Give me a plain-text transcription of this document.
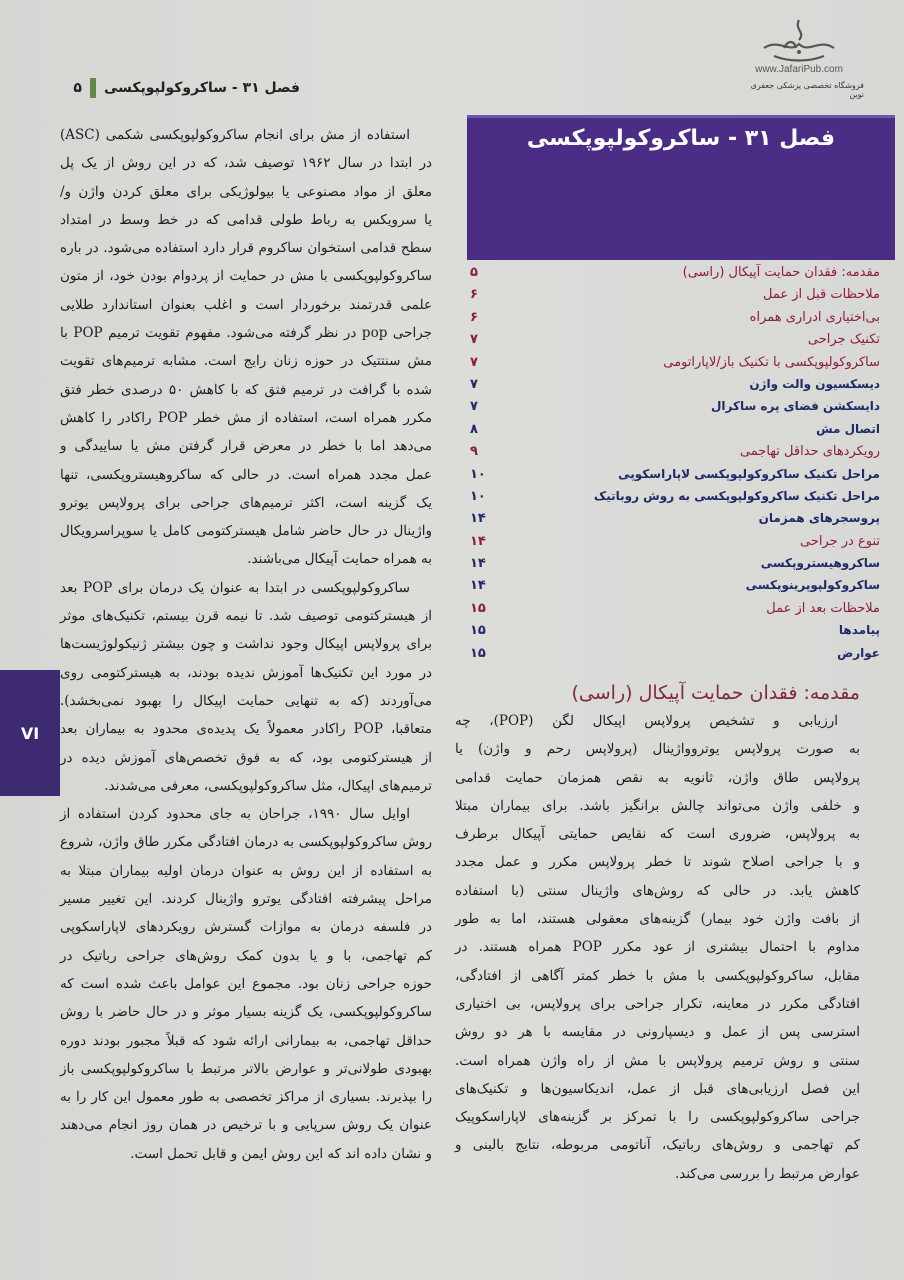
فصل ۳۱ - ساکروکولپوپکسی
۵
www.JafariPub.com
فروشگاه تخصصی پزشکی جعفری نوین
فصل ۳۱ - ساکروکولپوپکسی
مقدمه: فقدان حمایت آپیکال (راسی)
۵
ملاحظات قبل از عمل
۶
بی‌اختیاری ادراری همراه
۶
تکنیک جراحی
۷
ساکروکولپوپکسی با تکنیک باز/لاپاراتومی
۷
دیسکسیون والت واژن
۷
دایسکشن فضای پره ساکرال
۷
اتصال مش
۸
رویکردهای حداقل تهاجمی
۹
مراحل تکنیک ساکروکولپوپکسی لاپاراسکوپی
۱۰
مراحل تکنیک ساکروکولپوپکسی به روش روباتیک
۱۰
پروسجرهای همزمان
۱۴
تنوع در جراحی
۱۴
ساکروهیستروپکسی
۱۴
ساکروکولپوپرینوپکسی
۱۴
ملاحظات بعد از عمل
۱۵
پیامدها
۱۵
عوارض
۱۵
مقدمه: فقدان حمایت آپیکال (راسی)
استفاده از مش برای انجام ساکروکولپوپکسی شکمی (ASC)
در ابتدا در سال ۱۹۶۲ توصیف شد، که در این روش از یک پل
معلق از مواد مصنوعی یا بیولوژیکی برای معلق کردن واژن و/
یا سرویکس به رباط طولی قدامی که در خط وسط در امتداد
سطح قدامی استخوان ساکروم قرار دارد استفاده می‌شود. در باره
ساکروکولپوپکسی با مش در حمایت از پردوام بودن خود، از متون
علمی قدرتمند برخوردار است و اغلب بعنوان استاندارد طلایی
جراحی pop در نظر گرفته می‌شود. مفهوم تقویت ترمیم POP با
مش سنتتیک در حوزه زنان رایج است. مشابه ترمیم‌های تقویت
شده با گرافت در ترمیم فتق که با کاهش ۵۰ درصدی خطر فتق
مکرر همراه است، استفاده از مش خطر POP راکادر را کاهش
می‌دهد اما با خطر در معرض قرار گرفتن مش یا ساییدگی و
عمل مجدد همراه است. در حالی که ساکروهیستروپکسی، تنها
یک گزینه است، اکثر ترمیم‌های جراحی برای پرولاپس یوترو
واژینال در حال حاضر شامل هیسترکتومی کامل یا سوپراسرویکال
به همراه حمایت آپیکال می‌باشند.
ساکروکولپوپکسی در ابتدا به عنوان یک درمان برای POP بعد
از هیسترکتومی توصیف شد. تا نیمه قرن بیستم، تکنیک‌های موثر
برای پرولاپس اپیکال وجود نداشت و چون بیشتر ژنیکولوژیست‌ها
در مورد این تکنیک‌ها آموزش ندیده بودند، به هیسترکتومی روی
می‌آوردند (که به تنهایی حمایت اپیکال را بهبود نمی‌بخشد).
متعاقبا، POP راکادر معمولاً یک پدیده‌ی محدود به بیماران بعد
از هیسترکتومی بود، که به فوق تخصص‌های آموزش دیده در
ترمیم‌های اپیکال، مثل ساکروکولپوپکسی، معرفی می‌شدند.
اوایل سال ۱۹۹۰، جراحان به جای محدود کردن استفاده از
روش ساکروکولپوپکسی به درمان افتادگی مکرر طاق واژن، شروع
به استفاده از این روش به عنوان درمان اولیه بیماران مبتلا به
مراحل پیشرفته افتادگی یوترو واژینال کردند. این تغییر مسیر
در فلسفه درمان به موازات گسترش رویکردهای لاپاراسکوپی
کم تهاجمی، با و یا بدون کمک روش‌های جراحی رباتیک در
حوزه جراحی زنان بود. مجموع این عوامل باعث شده است که
ساکروکولپوپکسی، یک گزینه بسیار موثر و در حال حاضر با روش
حداقل تهاجمی، به بیمارانی ارائه شود که قبلاً مجبور بودند دوره
بهبودی طولانی‌تر و عوارض بالاتر مرتبط با ساکروکولپوپکسی باز
را بپذیرند. بسیاری از مراکز تخصصی به طور معمول این کار را به
عنوان یک روش سرپایی و با ترخیص در همان روز انجام می‌دهند
و نشان داده اند که این روش ایمن و قابل تحمل است.
ارزیابی و تشخیص پرولاپس اپیکال لگن (POP)، چه
به صورت پرولاپس یوترو‌واژینال (پرولاپس رحم و واژن) یا
پرولاپس طاق واژن، ثانویه به نقص همزمان حمایت قدامی
و خلفی واژن می‌تواند چالش برانگیز باشد. برای بیماران مبتلا
به پرولاپس، ضروری است که نقایص حمایتی آپیکال برطرف
و با جراحی اصلاح شوند تا خطر پرولاپس مکرر و عمل مجدد
کاهش یابد. در حالی که روش‌های واژینال سنتی (با استفاده
از بافت واژن خود بیمار) گزینه‌های معقولی هستند، اما به طور
مداوم با احتمال بیشتری از عود مکرر POP همراه هستند. در
مقابل، ساکروکولپوپکسی با مش با خطر کمتر آگاهی از افتادگی،
افتادگی مکرر در معاینه، تکرار جراحی برای پرولاپس، بی اختیاری
استرسی پس از عمل و دیسپارونی در مقایسه با هر دو روش
سنتی و روش ترمیم پرولاپس با مش از راه واژن همراه است.
این فصل ارزیابی‌های قبل از عمل، اندیکاسیون‌ها و تکنیک‌های
جراحی ساکروکولپوپکسی را با تمرکز بر گزینه‌های لاپاراسکوپیک
کم تهاجمی و روش‌های رباتیک، آناتومی مربوطه، نتایج بالینی و
عوارض مرتبط را بررسی می‌کند.
VI
